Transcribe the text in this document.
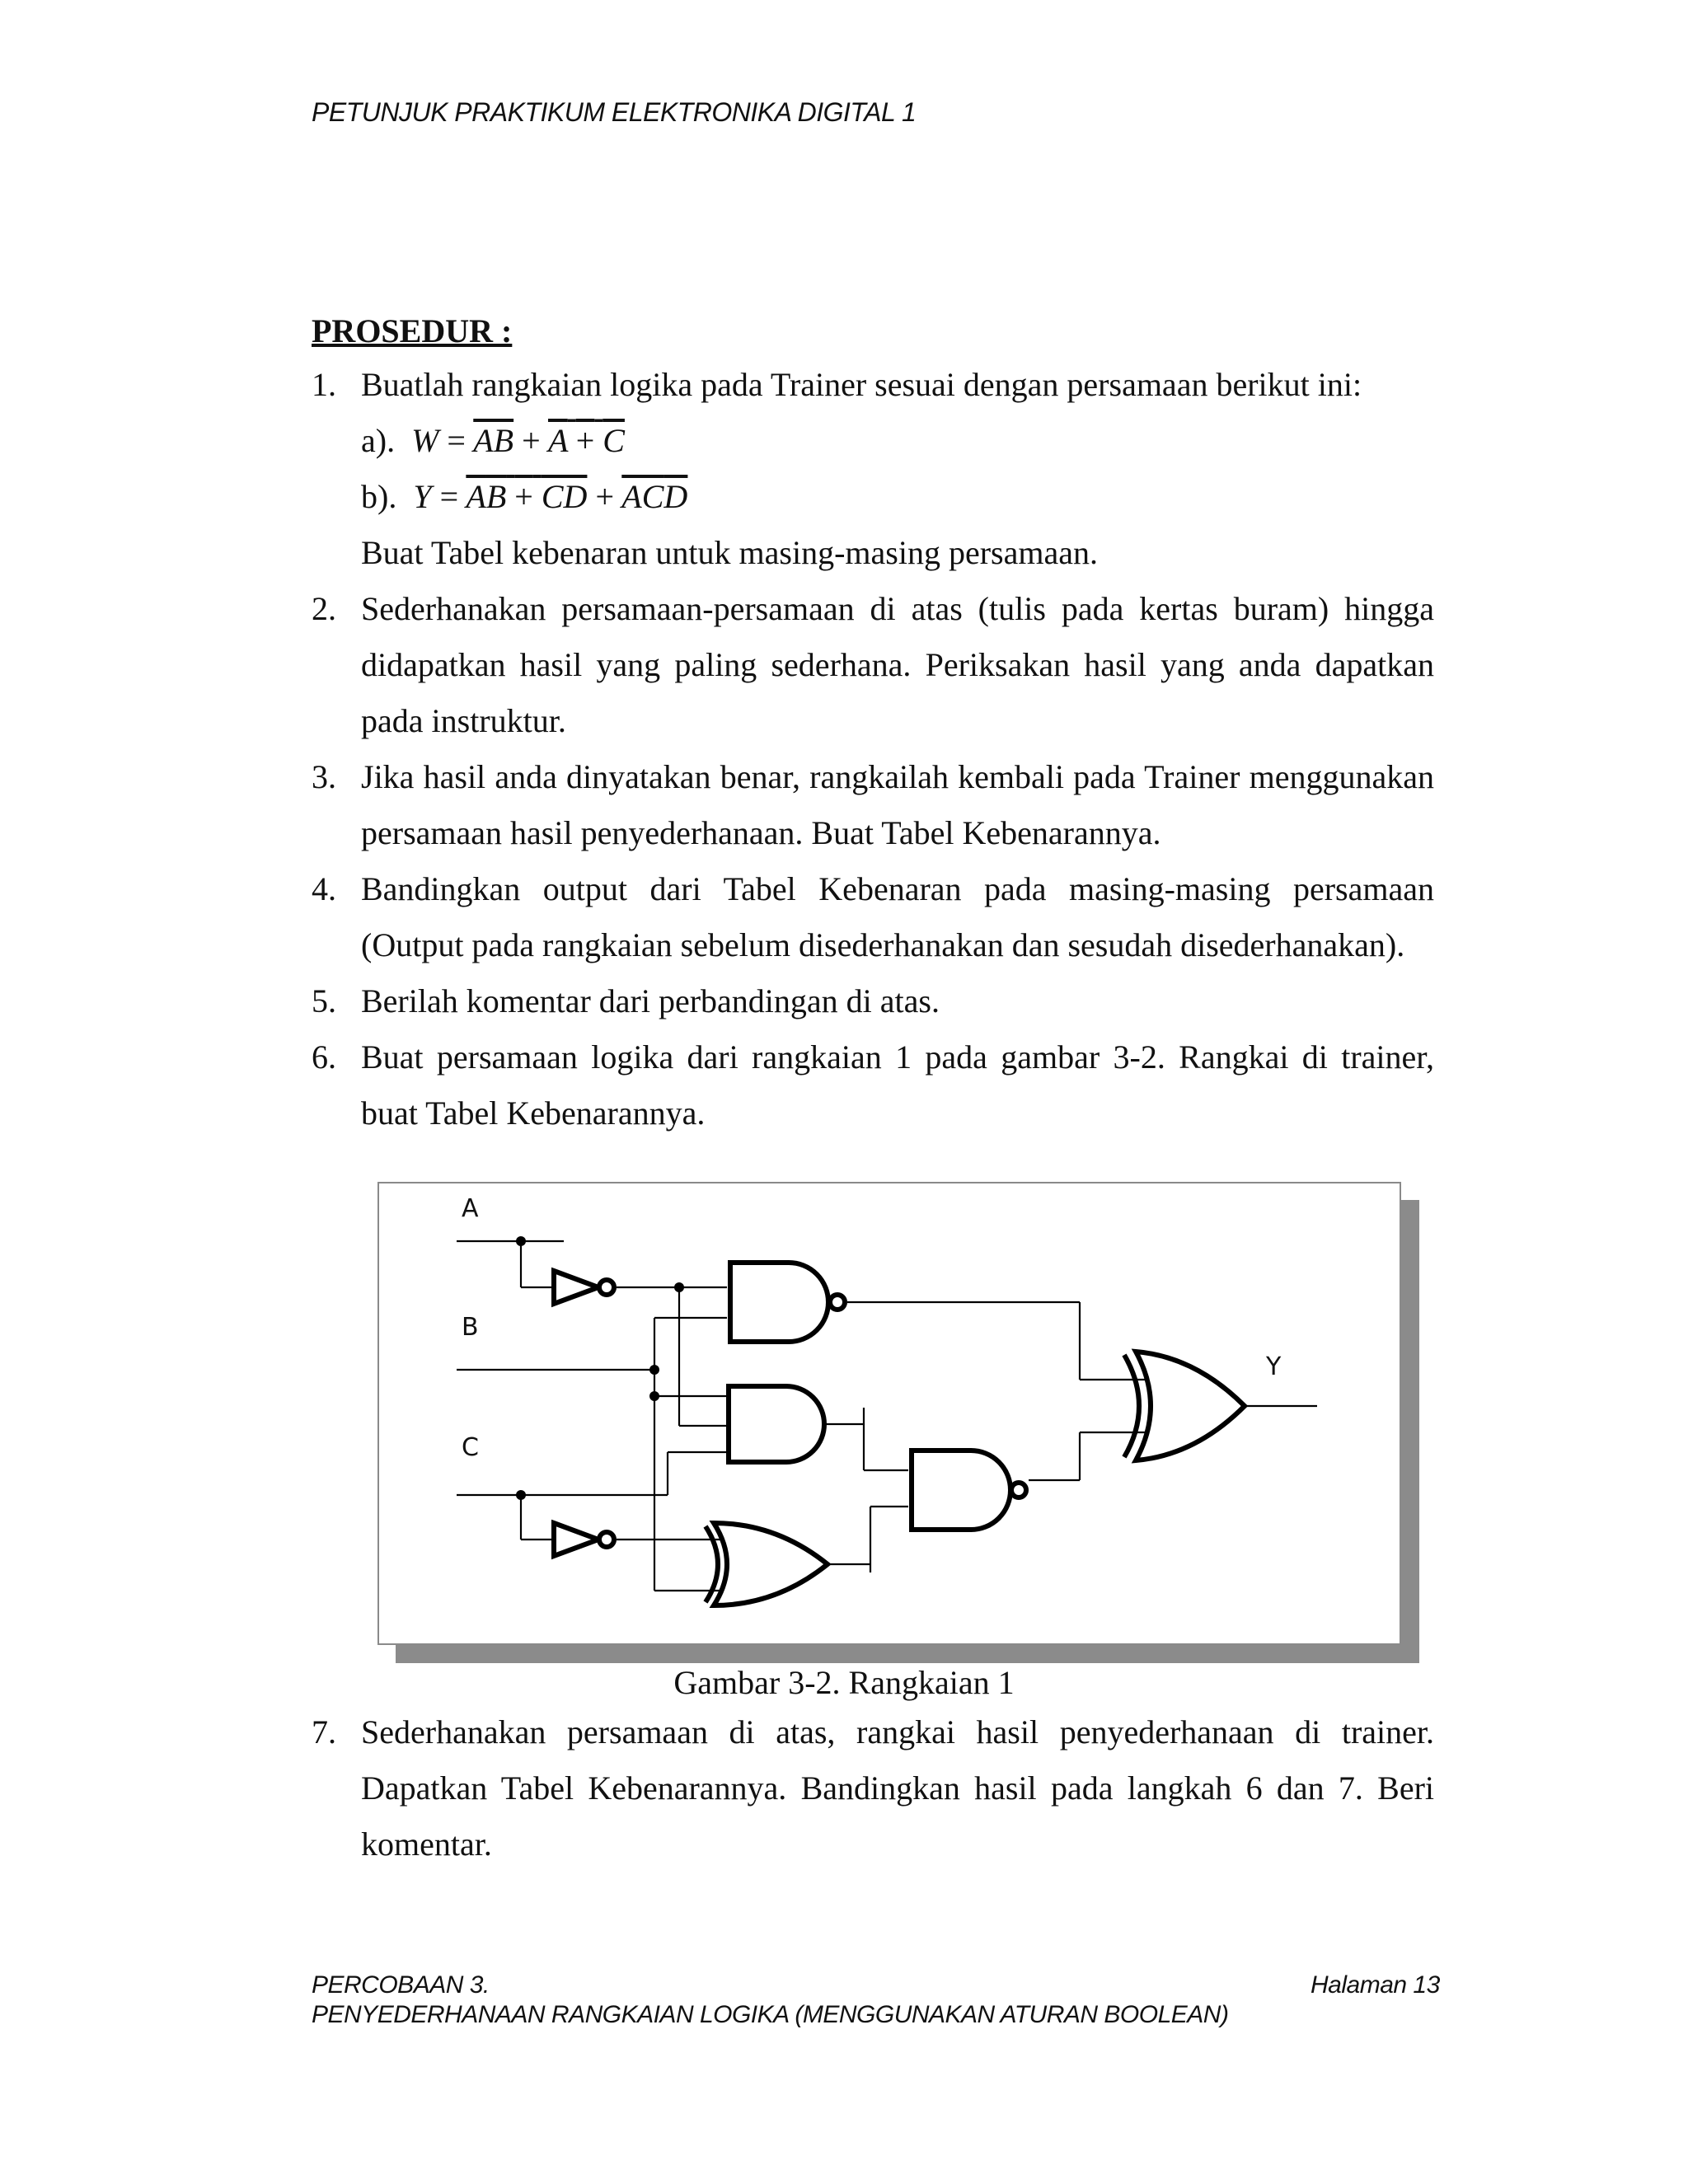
PETUNJUK PRAKTIKUM ELEKTRONIKA DIGITAL 1
PROSEDUR :
1. Buatlah rangkaian logika pada Trainer sesuai dengan persamaan berikut ini:
a). $W = \overline{AB} + A + C$
b). Y = AB + CD + ACD
Buat Tabel kebenaran untuk masing-masing persamaan.
2. Sederhanakan persamaan-persamaan di atas (tulis pada kertas buram) hingga didapatkan hasil yang paling sederhana. Periksakan hasil yang anda dapatkan pada instruktur.
3. Jika hasil anda dinyatakan benar, rangkailah kembali pada Trainer menggunakan persamaan hasil penyederhanaan. Buat Tabel Kebenarannya.
4. Bandingkan output dari Tabel Kebenaran pada masing-masing persamaan (Output pada rangkaian sebelum disederhanakan dan sesudah disederhanakan).
5. Berilah komentar dari perbandingan di atas.
6. Buat persamaan logika dari rangkaian 1 pada gambar 3-2. Rangkai di trainer, buat Tabel Kebenarannya.
A
B
C
Y
Gambar 3-2. Rangkaian 1
7. Sederhanakan persamaan di atas, rangkai hasil penyederhanaan di trainer. Dapatkan Tabel Kebenarannya. Bandingkan hasil pada langkah 6 dan 7. Beri komentar.
PERCOBAAN 3.	Halaman 13
PENYEDERHANAAN RANGKAIAN LOGIKA (MENGGUNAKAN ATURAN BOOLEAN)
